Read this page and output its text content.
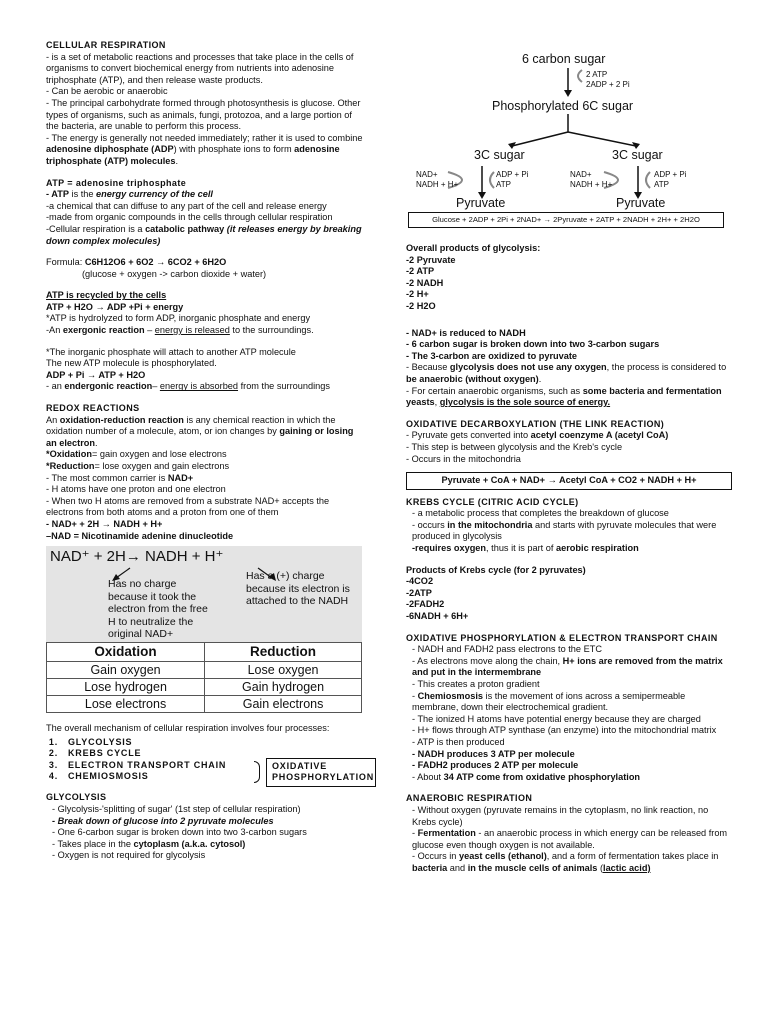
CELLULAR RESPIRATION
- is a set of metabolic reactions and processes that take place in the cells of organisms to convert biochemical energy from nutrients into adenosine triphosphate (ATP), and then release waste products.
- Can be aerobic or anaerobic
- The principal carbohydrate formed through photosynthesis is glucose. Other types of organisms, such as animals, fungi, protozoa, and a large portion of the bacteria, are unable to perform this process.
- The energy is generally not needed immediately; rather it is used to combine adenosine diphosphate (ADP) with phosphate ions to form adenosine triphosphate (ATP) molecules.
ATP = adenosine triphosphate
- ATP is the energy currency of the cell
-a chemical that can diffuse to any part of the cell and release energy
-made from organic compounds in the cells through cellular respiration
-Cellular respiration is a catabolic pathway (it releases energy by breaking down complex molecules)
Formula: C6H12O6 + 6O2 → 6CO2 + 6H2O
(glucose + oxygen -> carbon dioxide + water)
ATP is recycled by the cells
ATP + H2O → ADP +Pi + energy
*ATP is hydrolyzed to form ADP, inorganic phosphate and energy
-An exergonic reaction – energy is released to the surroundings.
*The inorganic phosphate will attach to another ATP molecule
The new ATP molecule is phosphorylated.
ADP + Pi → ATP + H2O
- an endergonic reaction– energy is absorbed from the surroundings
REDOX REACTIONS
An oxidation-reduction reaction is any chemical reaction in which the oxidation number of a molecule, atom, or ion changes by gaining or losing an electron.
*Oxidation= gain oxygen and lose electrons
*Reduction= lose oxygen and gain electrons
- The most common carrier is NAD+
- H atoms have one proton and one electron
- When two H atoms are removed from a substrate NAD+ accepts the electrons from both atoms and a proton from one of them
- NAD+ + 2H → NADH + H+
–NAD = Nicotinamide adenine dinucleotide
NAD⁺ + 2H→ NADH + H⁺
Has no charge because it took the electron from the free H to neutralize the original NAD+
Has a (+) charge because its electron is attached to the NADH
Oxidation	Reduction
Gain oxygen	Lose oxygen
Lose hydrogen	Gain hydrogen
Lose electrons	Gain electrons
The overall mechanism of cellular respiration involves four processes:
1.	GLYCOLYSIS
2.	KREBS CYCLE
3.	ELECTRON TRANSPORT CHAIN
4.	CHEMIOSMOSIS
OXIDATIVE PHOSPHORYLATION
GLYCOLYSIS
- Glycolysis-'splitting of sugar' (1st step of cellular respiration)
- Break down of glucose into 2 pyruvate molecules
- One 6-carbon sugar is broken down into two 3-carbon sugars
- Takes place in the cytoplasm (a.k.a. cytosol)
- Oxygen is not required for glycolysis
6 carbon sugar
2 ATP
2ADP + 2 Pi
Phosphorylated 6C sugar
3C sugar	3C sugar
NAD+
NADH + H+
ADP + Pi
ATP
NAD+
NADH + H+
ADP + Pi
ATP
Pyruvate	Pyruvate
Glucose + 2ADP + 2Pi + 2NAD+ → 2Pyruvate + 2ATP + 2NADH + 2H+ + 2H2O
Overall products of glycolysis:
-2 Pyruvate
-2 ATP
-2 NADH
-2 H+
-2 H2O
- NAD+ is reduced to NADH
- 6 carbon sugar is broken down into two 3-carbon sugars
- The 3-carbon are oxidized to pyruvate
- Because glycolysis does not use any oxygen, the process is considered to be anaerobic (without oxygen).
- For certain anaerobic organisms, such as some bacteria and fermentation yeasts, glycolysis is the sole source of energy.
OXIDATIVE DECARBOXYLATION (THE LINK REACTION)
- Pyruvate gets converted into acetyl coenzyme A (acetyl CoA)
- This step is between glycolysis and the Kreb's cycle
- Occurs in the mitochondria
Pyruvate + CoA + NAD+ → Acetyl CoA + CO2 + NADH + H+
KREBS CYCLE (CITRIC ACID CYCLE)
- a metabolic process that completes the breakdown of glucose
- occurs in the mitochondria and starts with pyruvate molecules that were produced in glycolysis
-requires oxygen, thus it is part of aerobic respiration
Products of Krebs cycle (for 2 pyruvates)
-4CO2
-2ATP
-2FADH2
-6NADH + 6H+
OXIDATIVE PHOSPHORYLATION & ELECTRON TRANSPORT CHAIN
- NADH and FADH2 pass electrons to the ETC
- As electrons move along the chain, H+ ions are removed from the matrix and put in the intermembrane
- This creates a proton gradient
- Chemiosmosis is the movement of ions across a semipermeable membrane, down their electrochemical gradient.
- The ionized H atoms have potential energy because they are charged
- H+ flows through ATP synthase (an enzyme) into the mitochondrial matrix
- ATP is then produced
- NADH produces 3 ATP per molecule
- FADH2 produces 2 ATP per molecule
- About 34 ATP come from oxidative phosphorylation
ANAEROBIC RESPIRATION
- Without oxygen (pyruvate remains in the cytoplasm, no link reaction, no Krebs cycle)
- Fermentation - an anaerobic process in which energy can be released from glucose even though oxygen is not available.
- Occurs in yeast cells (ethanol), and a form of fermentation takes place in bacteria and in the muscle cells of animals (lactic acid)
